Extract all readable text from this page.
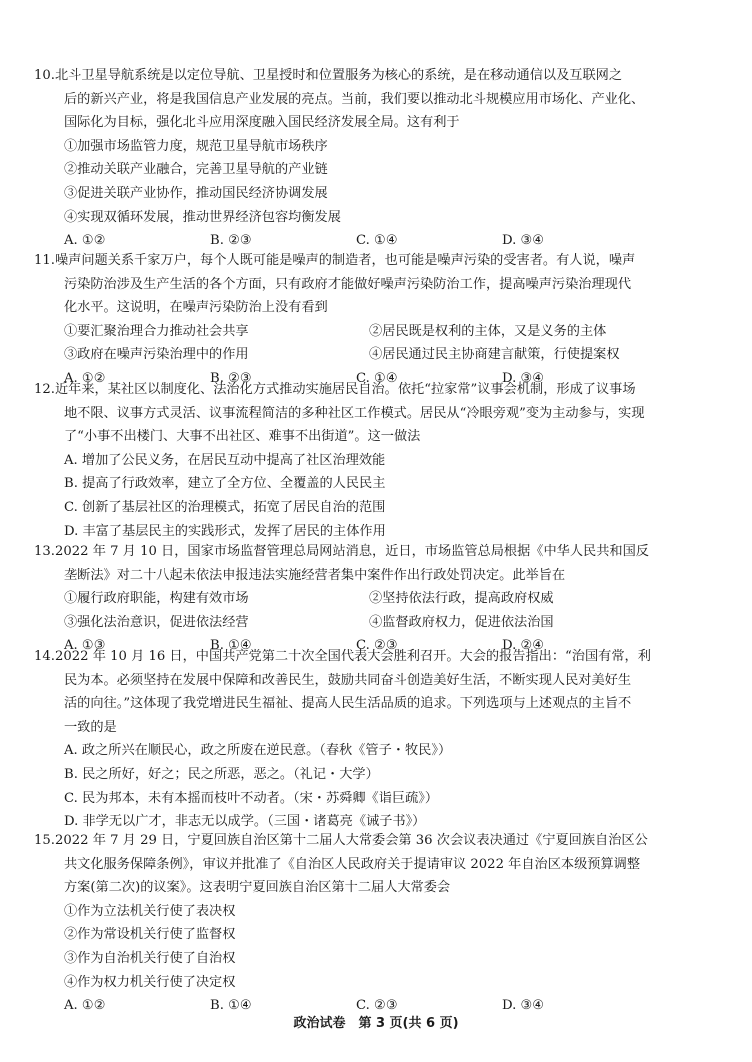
10.北斗卫星导航系统是以定位导航、卫星授时和位置服务为核心的系统，是在移动通信以及互联网之
后的新兴产业，将是我国信息产业发展的亮点。当前，我们要以推动北斗规模应用市场化、产业化、
国际化为目标，强化北斗应用深度融入国民经济发展全局。这有利于
①加强市场监管力度，规范卫星导航市场秩序
②推动关联产业融合，完善卫星导航的产业链
③促进关联产业协作，推动国民经济协调发展
④实现双循环发展，推动世界经济包容均衡发展
A. ①②	B. ②③	C. ①④	D. ③④
11.噪声问题关系千家万户，每个人既可能是噪声的制造者，也可能是噪声污染的受害者。有人说，噪声
污染防治涉及生产生活的各个方面，只有政府才能做好噪声污染防治工作，提高噪声污染治理现代
化水平。这说明，在噪声污染防治上没有看到
①要汇聚治理合力推动社会共享	②居民既是权利的主体，又是义务的主体
③政府在噪声污染治理中的作用	④居民通过民主协商建言献策，行使提案权
A. ①②	B. ②③	C. ①④	D. ③④
12.近年来，某社区以制度化、法治化方式推动实施居民自治。依托“拉家常”议事会机制，形成了议事场
地不限、议事方式灵活、议事流程简洁的多种社区工作模式。居民从“冷眼旁观”变为主动参与，实现
了“小事不出楼门、大事不出社区、难事不出街道”。这一做法
A. 增加了公民义务，在居民互动中提高了社区治理效能
B. 提高了行政效率，建立了全方位、全覆盖的人民民主
C. 创新了基层社区的治理模式，拓宽了居民自治的范围
D. 丰富了基层民主的实践形式，发挥了居民的主体作用
13.2022 年 7 月 10 日，国家市场监督管理总局网站消息，近日，市场监管总局根据《中华人民共和国反
垄断法》对二十八起未依法申报违法实施经营者集中案件作出行政处罚决定。此举旨在
①履行政府职能，构建有效市场	②坚持依法行政，提高政府权威
③强化法治意识，促进依法经营	④监督政府权力，促进依法治国
A. ①③	B. ①④	C. ②③	D. ②④
14.2022 年 10 月 16 日，中国共产党第二十次全国代表大会胜利召开。大会的报告指出：“治国有常，利
民为本。必须坚持在发展中保障和改善民生，鼓励共同奋斗创造美好生活，不断实现人民对美好生
活的向往。”这体现了我党增进民生福祉、提高人民生活品质的追求。下列选项与上述观点的主旨不
一致的是
A. 政之所兴在顺民心，政之所废在逆民意。（春秋《管子・牧民》）
B. 民之所好，好之；民之所恶，恶之。（礼记・大学）
C. 民为邦本，未有本摇而枝叶不动者。（宋・苏舜卿《诣巨疏》）
D. 非学无以广才，非志无以成学。（三国・诸葛亮《诫子书》）
15.2022 年 7 月 29 日，宁夏回族自治区第十二届人大常委会第 36 次会议表决通过《宁夏回族自治区公
共文化服务保障条例》，审议并批准了《自治区人民政府关于提请审议 2022 年自治区本级预算调整
方案(第二次)的议案》。这表明宁夏回族自治区第十二届人大常委会
①作为立法机关行使了表决权
②作为常设机关行使了监督权
③作为自治机关行使了自治权
④作为权力机关行使了决定权
A. ①②	B. ①④	C. ②③	D. ③④
政治试卷　第 3 页(共 6 页)
